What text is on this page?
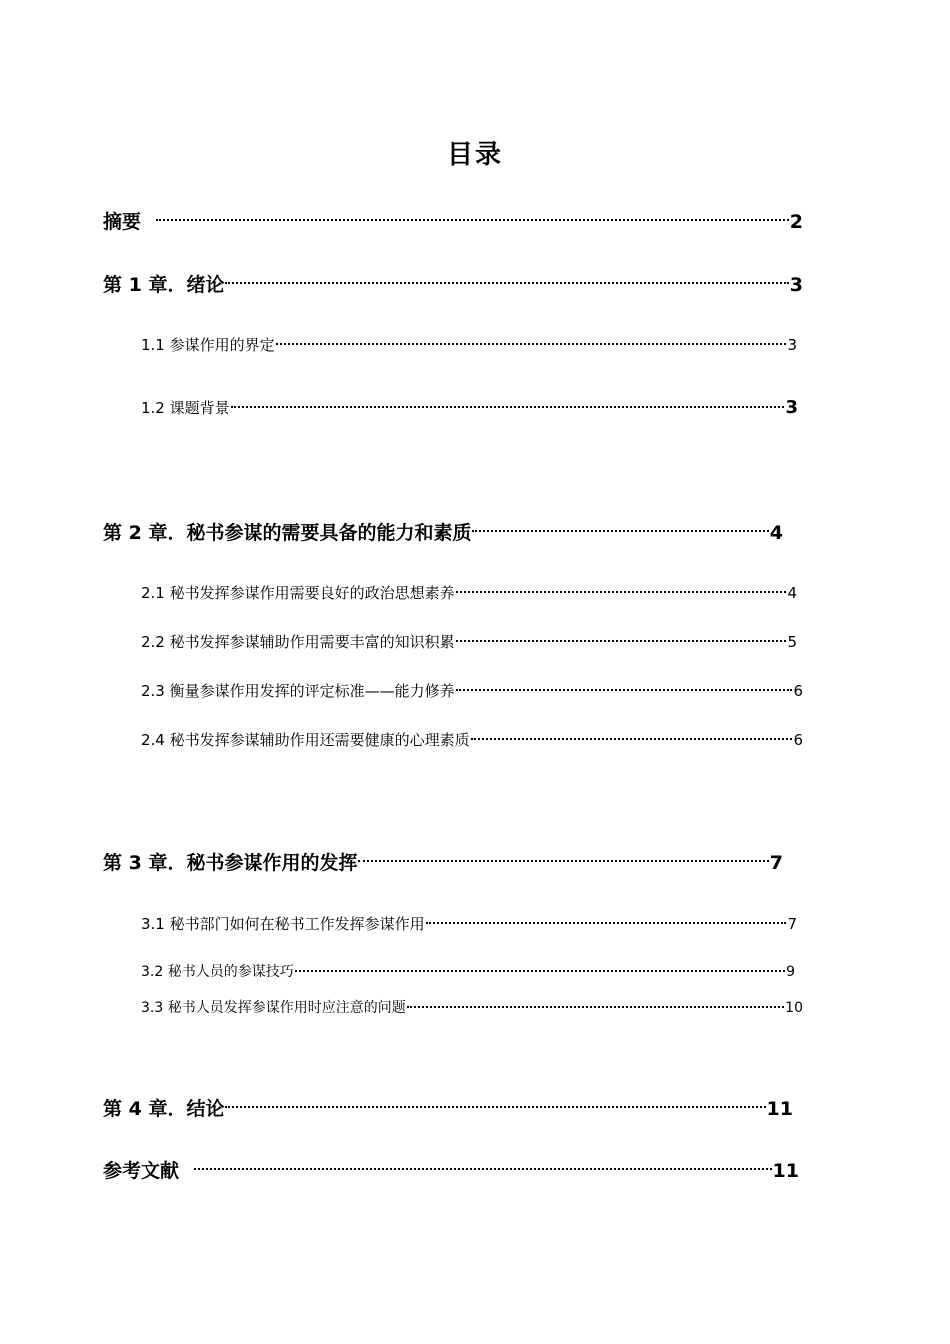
目录
摘要	2
第 1 章．绪论	3
1.1 参谋作用的界定	3
1.2 课题背景	3
第 2 章．秘书参谋的需要具备的能力和素质	4
2.1 秘书发挥参谋作用需要良好的政治思想素养	4
2.2 秘书发挥参谋辅助作用需要丰富的知识积累	5
2.3 衡量参谋作用发挥的评定标准——能力修养	6
2.4 秘书发挥参谋辅助作用还需要健康的心理素质	6
第 3 章．秘书参谋作用的发挥	7
3.1 秘书部门如何在秘书工作发挥参谋作用	7
3.2 秘书人员的参谋技巧	9
3.3 秘书人员发挥参谋作用时应注意的问题	10
第 4 章．结论	11
参考文献	11
